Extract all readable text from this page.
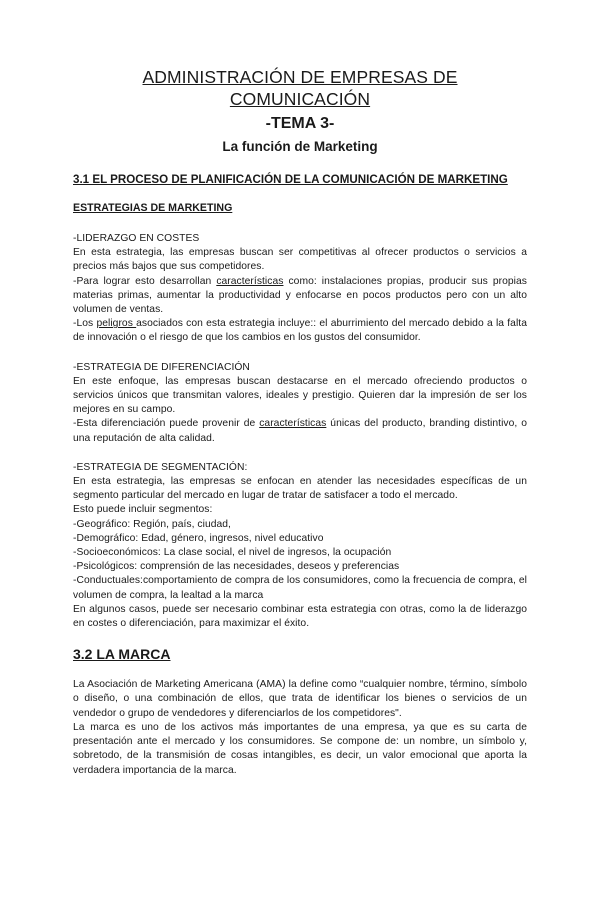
ADMINISTRACIÓN DE EMPRESAS DE COMUNICACIÓN
-TEMA 3-
La función de Marketing
3.1 EL PROCESO DE PLANIFICACIÓN DE LA COMUNICACIÓN DE MARKETING
ESTRATEGIAS DE MARKETING

-LIDERAZGO EN COSTES

En esta estrategia, las empresas buscan ser competitivas al ofrecer productos o servicios a precios más bajos que sus competidores.

-Para lograr esto desarrollan características como: instalaciones propias, producir sus propias materias primas, aumentar la productividad y enfocarse en pocos productos pero con un alto volumen de ventas.

-Los peligros asociados con esta estrategia incluye:: el aburrimiento del mercado debido a la falta de innovación o el riesgo de que los cambios en los gustos del consumidor.

-ESTRATEGIA DE DIFERENCIACIÓN

En este enfoque, las empresas buscan destacarse en el mercado ofreciendo productos o servicios únicos que transmitan valores, ideales y prestigio. Quieren dar la impresión de ser los mejores en su campo.

-Esta diferenciación puede provenir de características únicas del producto, branding distintivo, o una reputación de alta calidad.

-ESTRATEGIA DE SEGMENTACIÓN:

En esta estrategia, las empresas se enfocan en atender las necesidades específicas de un segmento particular del mercado en lugar de tratar de satisfacer a todo el mercado.

Esto puede incluir segmentos:

-Geográfico: Región, país, ciudad,

-Demográfico: Edad, género, ingresos, nivel educativo

-Socioeconómicos: La clase social, el nivel de ingresos, la ocupación

-Psicológicos: comprensión de las necesidades, deseos y preferencias

-Conductuales:comportamiento de compra de los consumidores, como la frecuencia de compra, el volumen de compra, la lealtad a la marca

En algunos casos, puede ser necesario combinar esta estrategia con otras, como la de liderazgo en costes o diferenciación, para maximizar el éxito.

3.2 LA MARCA

La Asociación de Marketing Americana (AMA) la define como “cualquier nombre, término, símbolo o diseño, o una combinación de ellos, que trata de identificar los bienes o servicios de un vendedor o grupo de vendedores y diferenciarlos de los competidores".

La marca es uno de los activos más importantes de una empresa, ya que es su carta de presentación ante el mercado y los consumidores. Se compone de: un nombre, un símbolo y, sobretodo, de la transmisión de cosas intangibles, es decir, un valor emocional que aporta la verdadera importancia de la marca.
